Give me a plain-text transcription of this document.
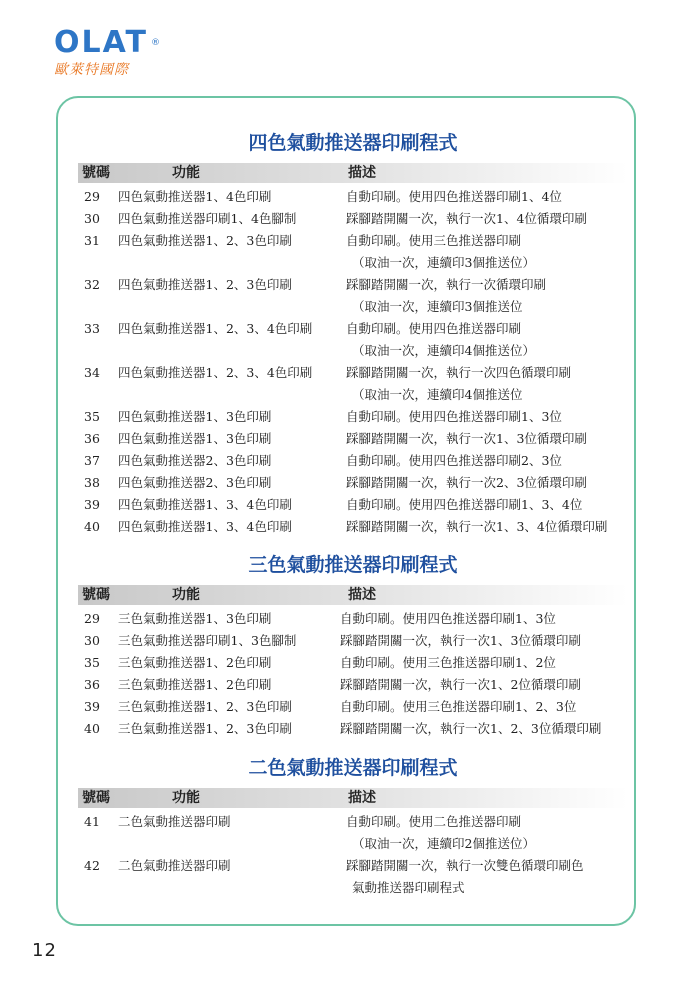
OLAT ®
歐萊特國際
四色氣動推送器印刷程式
號碼	功能	描述
29 四色氣動推送器1、4色印刷	自動印刷。使用四色推送器印刷1、4位
30 四色氣動推送器印刷1、4色腳制	踩腳踏開關一次，執行一次1、4位循環印刷
31 四色氣動推送器1、2、3色印刷	自動印刷。使用三色推送器印刷
（取油一次，連續印3個推送位）
32 四色氣動推送器1、2、3色印刷	踩腳踏開關一次，執行一次循環印刷
（取油一次，連續印3個推送位
33 四色氣動推送器1、2、3、4色印刷	自動印刷。使用四色推送器印刷
（取油一次，連續印4個推送位）
34 四色氣動推送器1、2、3、4色印刷	踩腳踏開關一次，執行一次四色循環印刷
（取油一次，連續印4個推送位
35 四色氣動推送器1、3色印刷	自動印刷。使用四色推送器印刷1、3位
36 四色氣動推送器1、3色印刷	踩腳踏開關一次，執行一次1、3位循環印刷
37 四色氣動推送器2、3色印刷	自動印刷。使用四色推送器印刷2、3位
38 四色氣動推送器2、3色印刷	踩腳踏開關一次，執行一次2、3位循環印刷
39 四色氣動推送器1、3、4色印刷	自動印刷。使用四色推送器印刷1、3、4位
40 四色氣動推送器1、3、4色印刷	踩腳踏開關一次，執行一次1、3、4位循環印刷
三色氣動推送器印刷程式
號碼	功能	描述
29 三色氣動推送器1、3色印刷	自動印刷。使用四色推送器印刷1、3位
30 三色氣動推送器印刷1、3色腳制	踩腳踏開關一次，執行一次1、3位循環印刷
35 三色氣動推送器1、2色印刷	自動印刷。使用三色推送器印刷1、2位
36 三色氣動推送器1、2色印刷	踩腳踏開關一次，執行一次1、2位循環印刷
39 三色氣動推送器1、2、3色印刷	自動印刷。使用三色推送器印刷1、2、3位
40 三色氣動推送器1、2、3色印刷	踩腳踏開關一次，執行一次1、2、3位循環印刷
二色氣動推送器印刷程式
號碼	功能	描述
41 二色氣動推送器印刷	自動印刷。使用二色推送器印刷
（取油一次，連續印2個推送位）
42 二色氣動推送器印刷	踩腳踏開關一次，執行一次雙色循環印刷色
氣動推送器印刷程式
12
